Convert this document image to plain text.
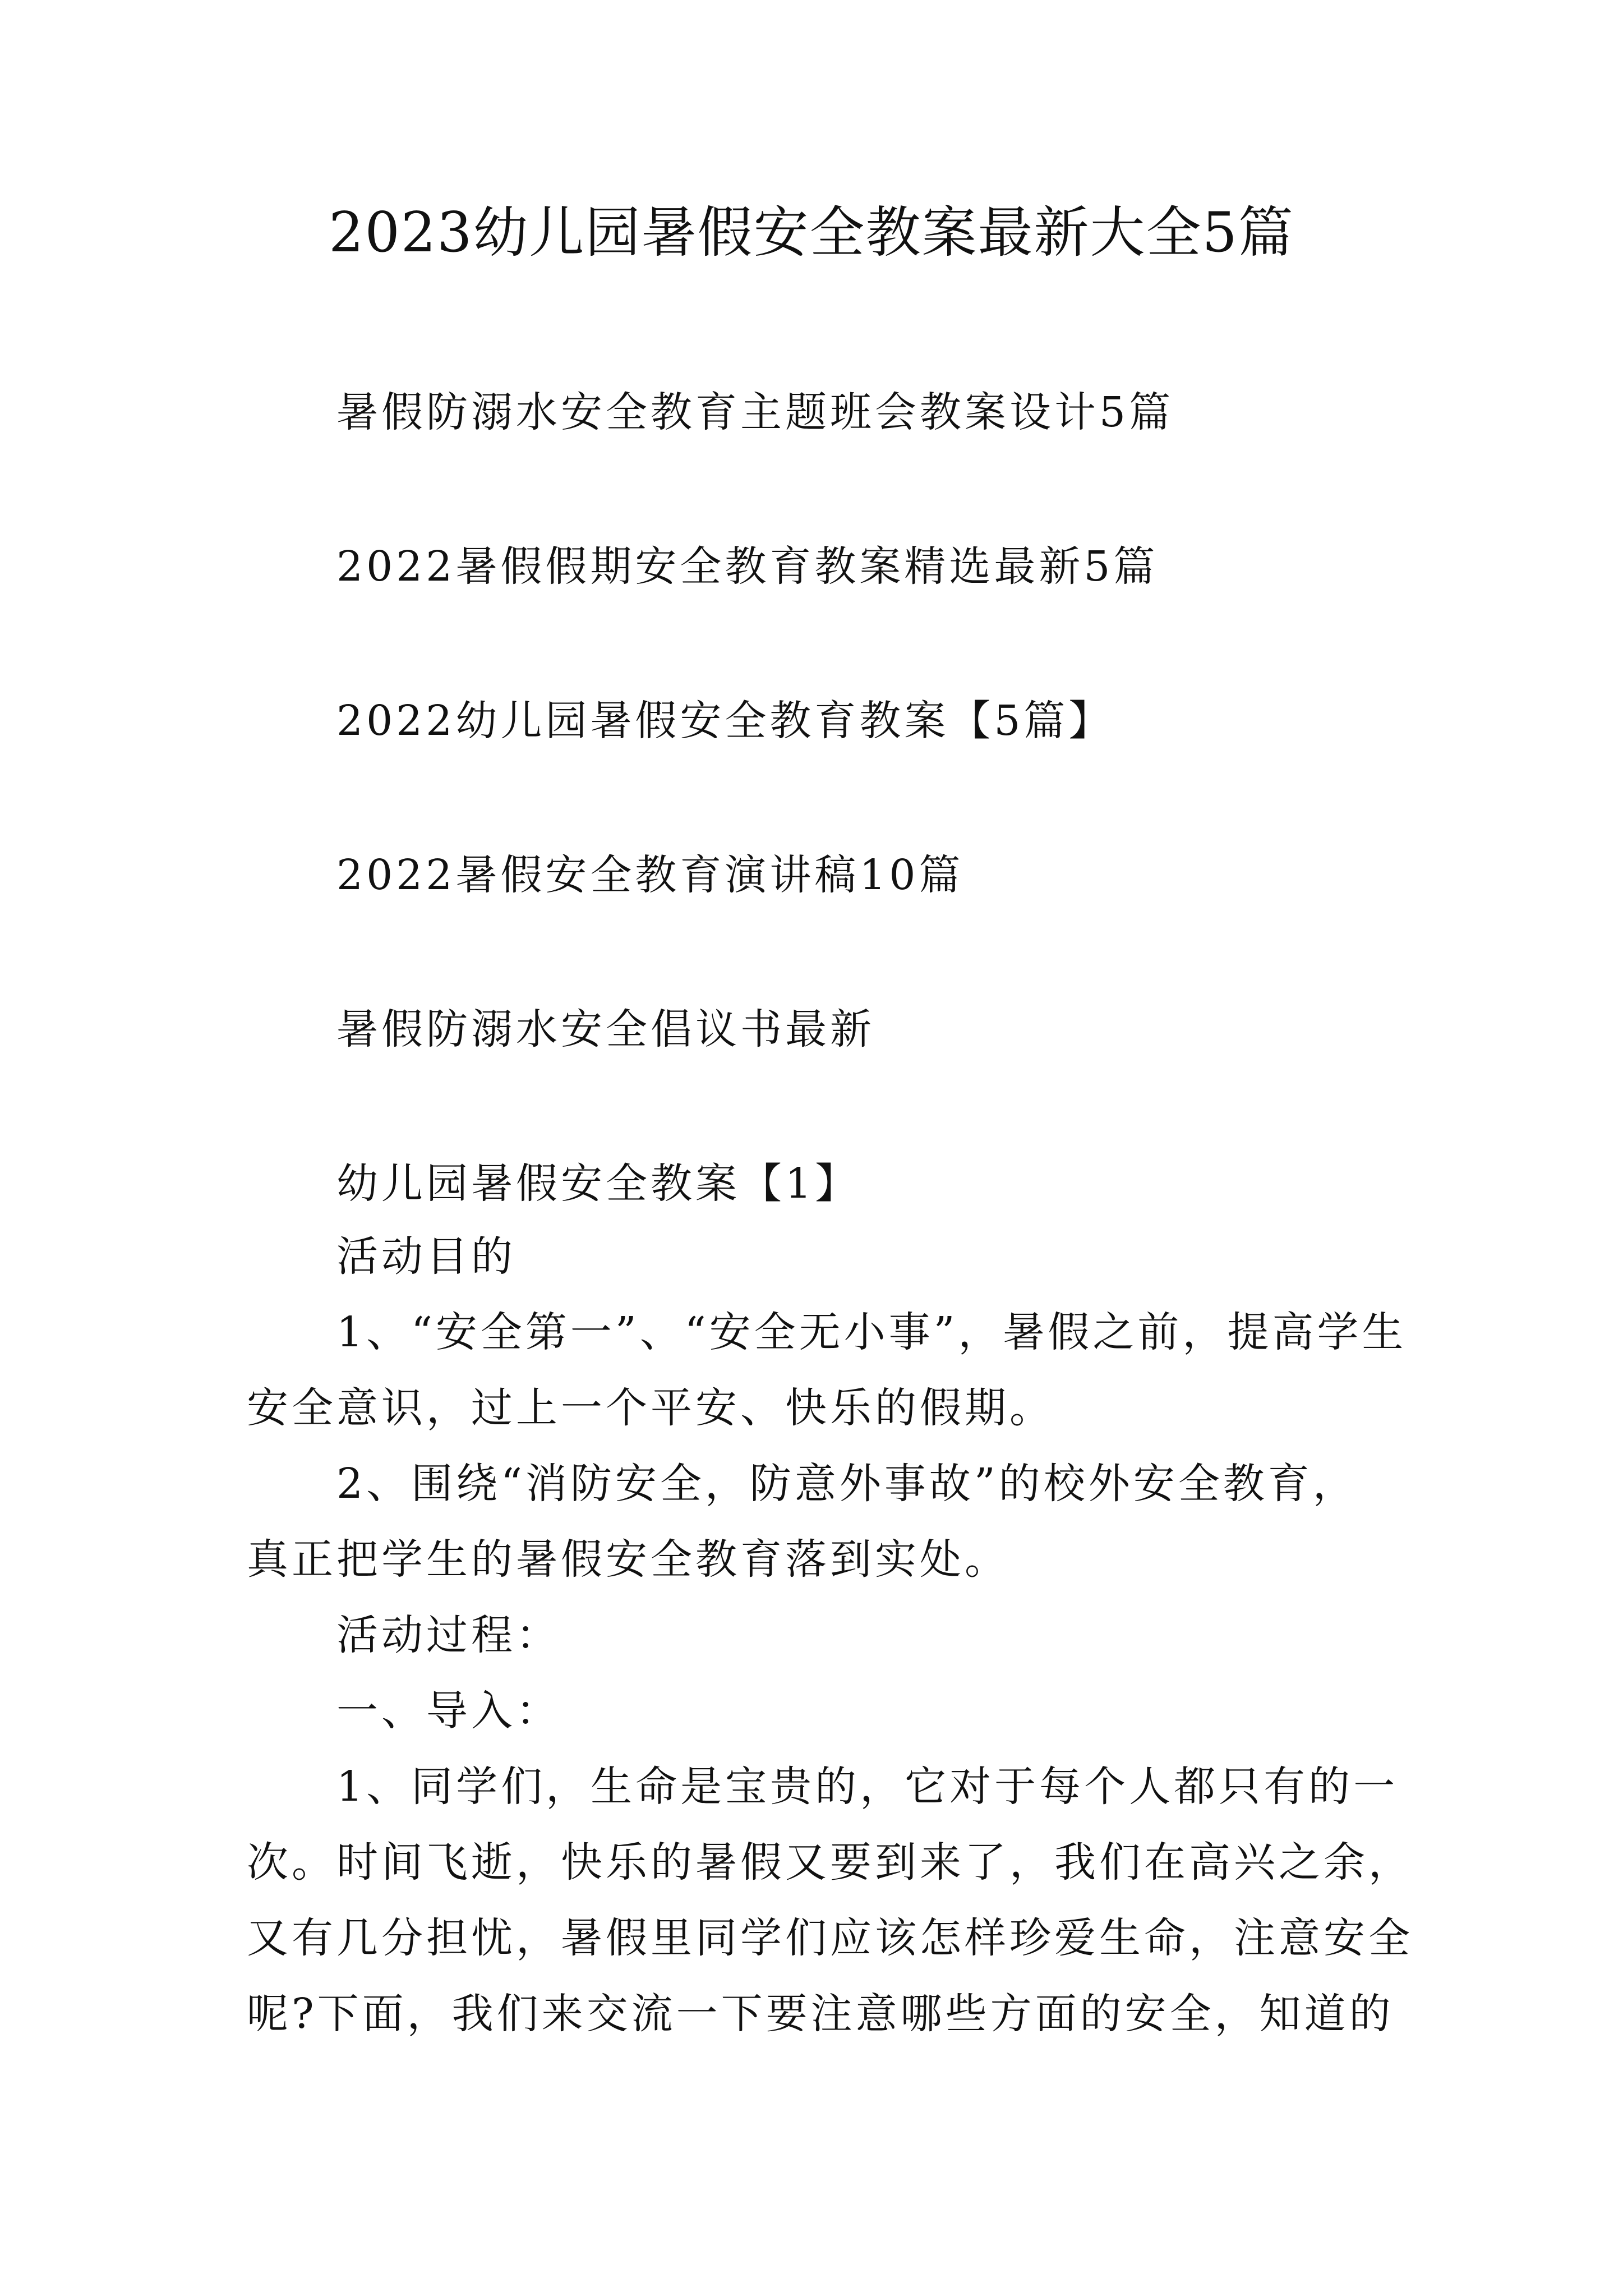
2023幼儿园暑假安全教案最新大全5篇
暑假防溺水安全教育主题班会教案设计5篇
2022暑假假期安全教育教案精选最新5篇
2022幼儿园暑假安全教育教案【5篇】
2022暑假安全教育演讲稿10篇
暑假防溺水安全倡议书最新
幼儿园暑假安全教案【1】
活动目的
1、“安全第一”、“安全无小事”，暑假之前，提高学生
安全意识，过上一个平安、快乐的假期。
2、围绕“消防安全，防意外事故”的校外安全教育，
真正把学生的暑假安全教育落到实处。
活动过程：
一、导入：
1、同学们，生命是宝贵的，它对于每个人都只有的一
次。时间飞逝，快乐的暑假又要到来了，我们在高兴之余，
又有几分担忧，暑假里同学们应该怎样珍爱生命，注意安全
呢?下面，我们来交流一下要注意哪些方面的安全，知道的
